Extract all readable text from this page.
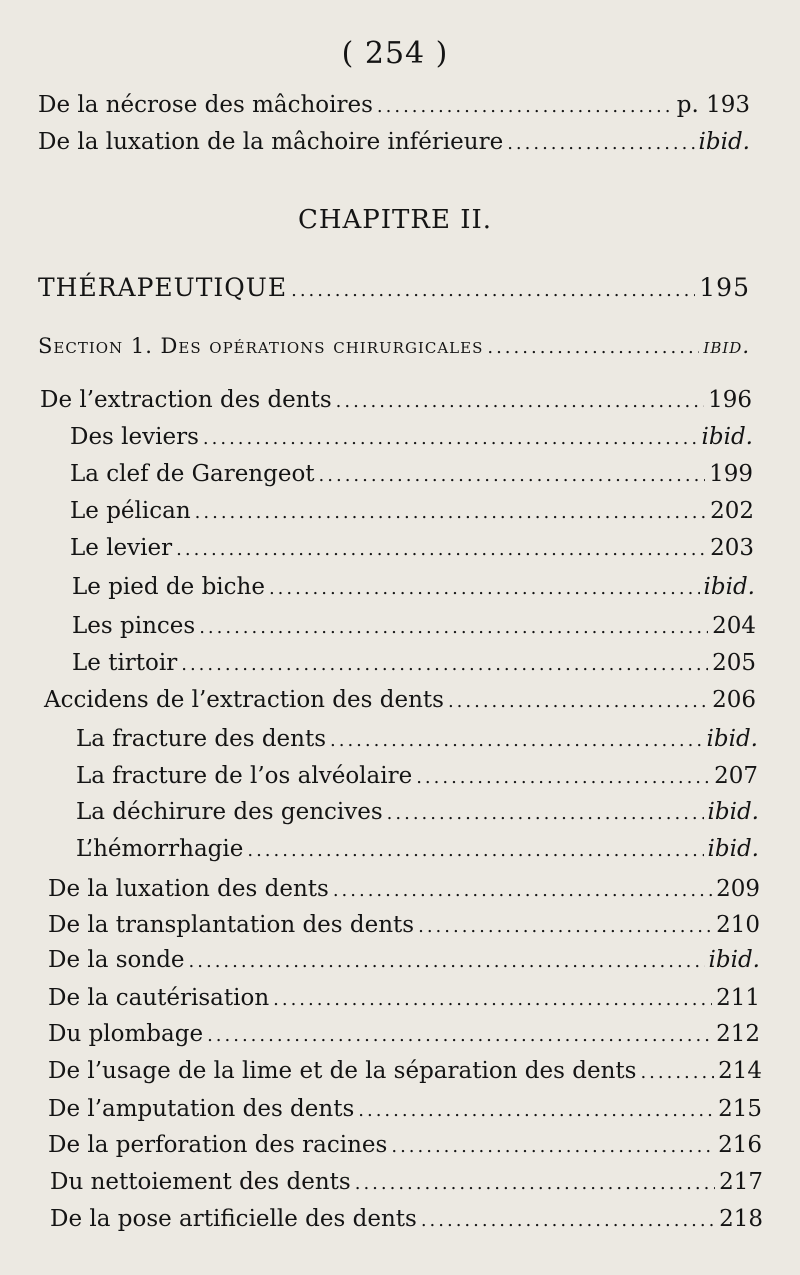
( 254 )
De la nécrose des mâchoires .....	p. 193
De la luxation de la mâchoire inférieure .....	ibid.
CHAPITRE II.
THÉRAPEUTIQUE .....	195
Section 1. Des opérations chirurgicales .....	ibid.
De l’extraction des dents .....	196
Des leviers .....	ibid.
La clef de Garengeot .....	199
Le pélican .....	202
Le levier .....	203
Le pied de biche .....	ibid.
Les pinces .....	204
Le tirtoir .....	205
Accidens de l’extraction des dents .....	206
La fracture des dents .....	ibid.
La fracture de l’os alvéolaire .....	207
La déchirure des gencives .....	ibid.
L’hémorrhagie .....	ibid.
De la luxation des dents .....	209
De la transplantation des dents .....	210
De la sonde .....	ibid.
De la cautérisation .....	211
Du plombage .....	212
De l’usage de la lime et de la séparation des dents .....	214
De l’amputation des dents .....	215
De la perforation des racines .....	216
Du nettoiement des dents .....	217
De la pose artificielle des dents .....	218
